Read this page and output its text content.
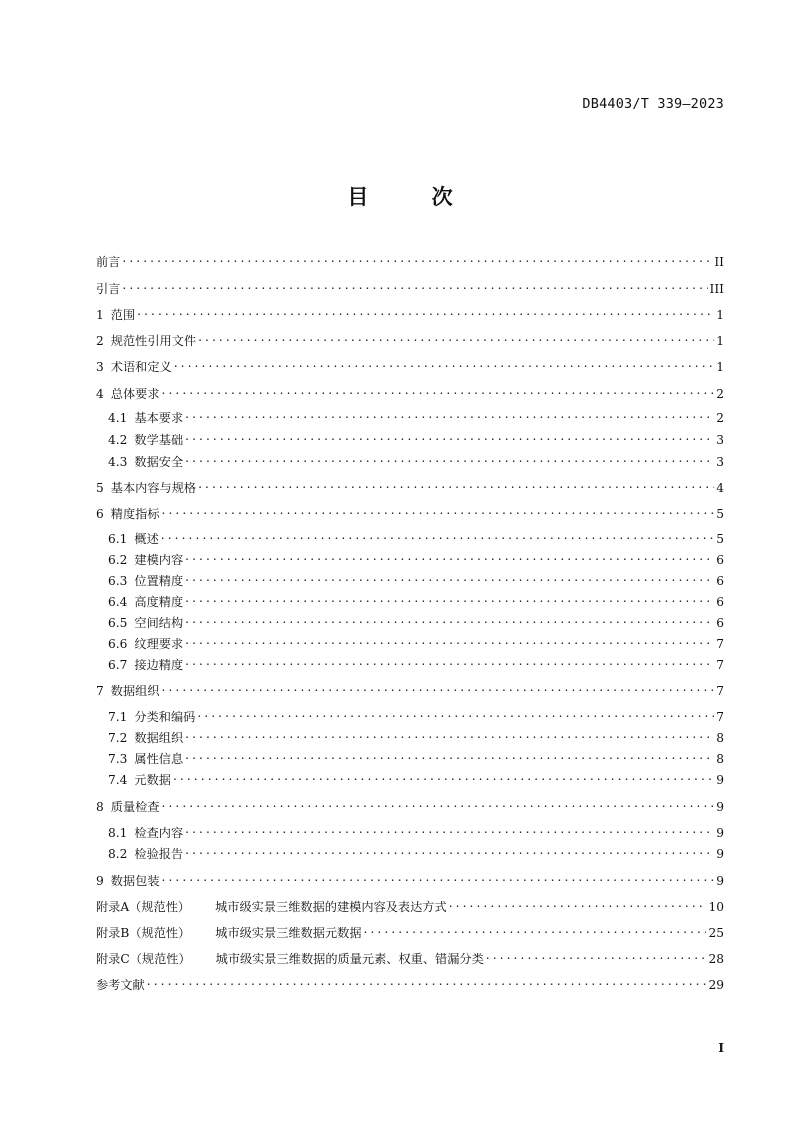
DB4403/T 339—2023
目 次
前言 . . .	II
引言 . . .	III
1 范围 . . .	1
2 规范性引用文件 . . .	1
3 术语和定义 . . .	1
4 总体要求 . . .	2
4.1 基本要求 . . .	2
4.2 数学基础 . . .	3
4.3 数据安全 . . .	3
5 基本内容与规格 . . .	4
6 精度指标 . . .	5
6.1 概述 . . .	5
6.2 建模内容 . . .	6
6.3 位置精度 . . .	6
6.4 高度精度 . . .	6
6.5 空间结构 . . .	6
6.6 纹理要求 . . .	7
6.7 接边精度 . . .	7
7 数据组织 . . .	7
7.1 分类和编码 . . .	7
7.2 数据组织 . . .	8
7.3 属性信息 . . .	8
7.4 元数据 . . .	9
8 质量检查 . . .	9
8.1 检查内容 . . .	9
8.2 检验报告 . . .	9
9 数据包装 . . .	9
附录A（规范性） 城市级实景三维数据的建模内容及表达方式 . . .	10
附录B（规范性） 城市级实景三维数据元数据 . . .	25
附录C（规范性） 城市级实景三维数据的质量元素、权重、错漏分类 . . .	28
参考文献 . . .	29
I
